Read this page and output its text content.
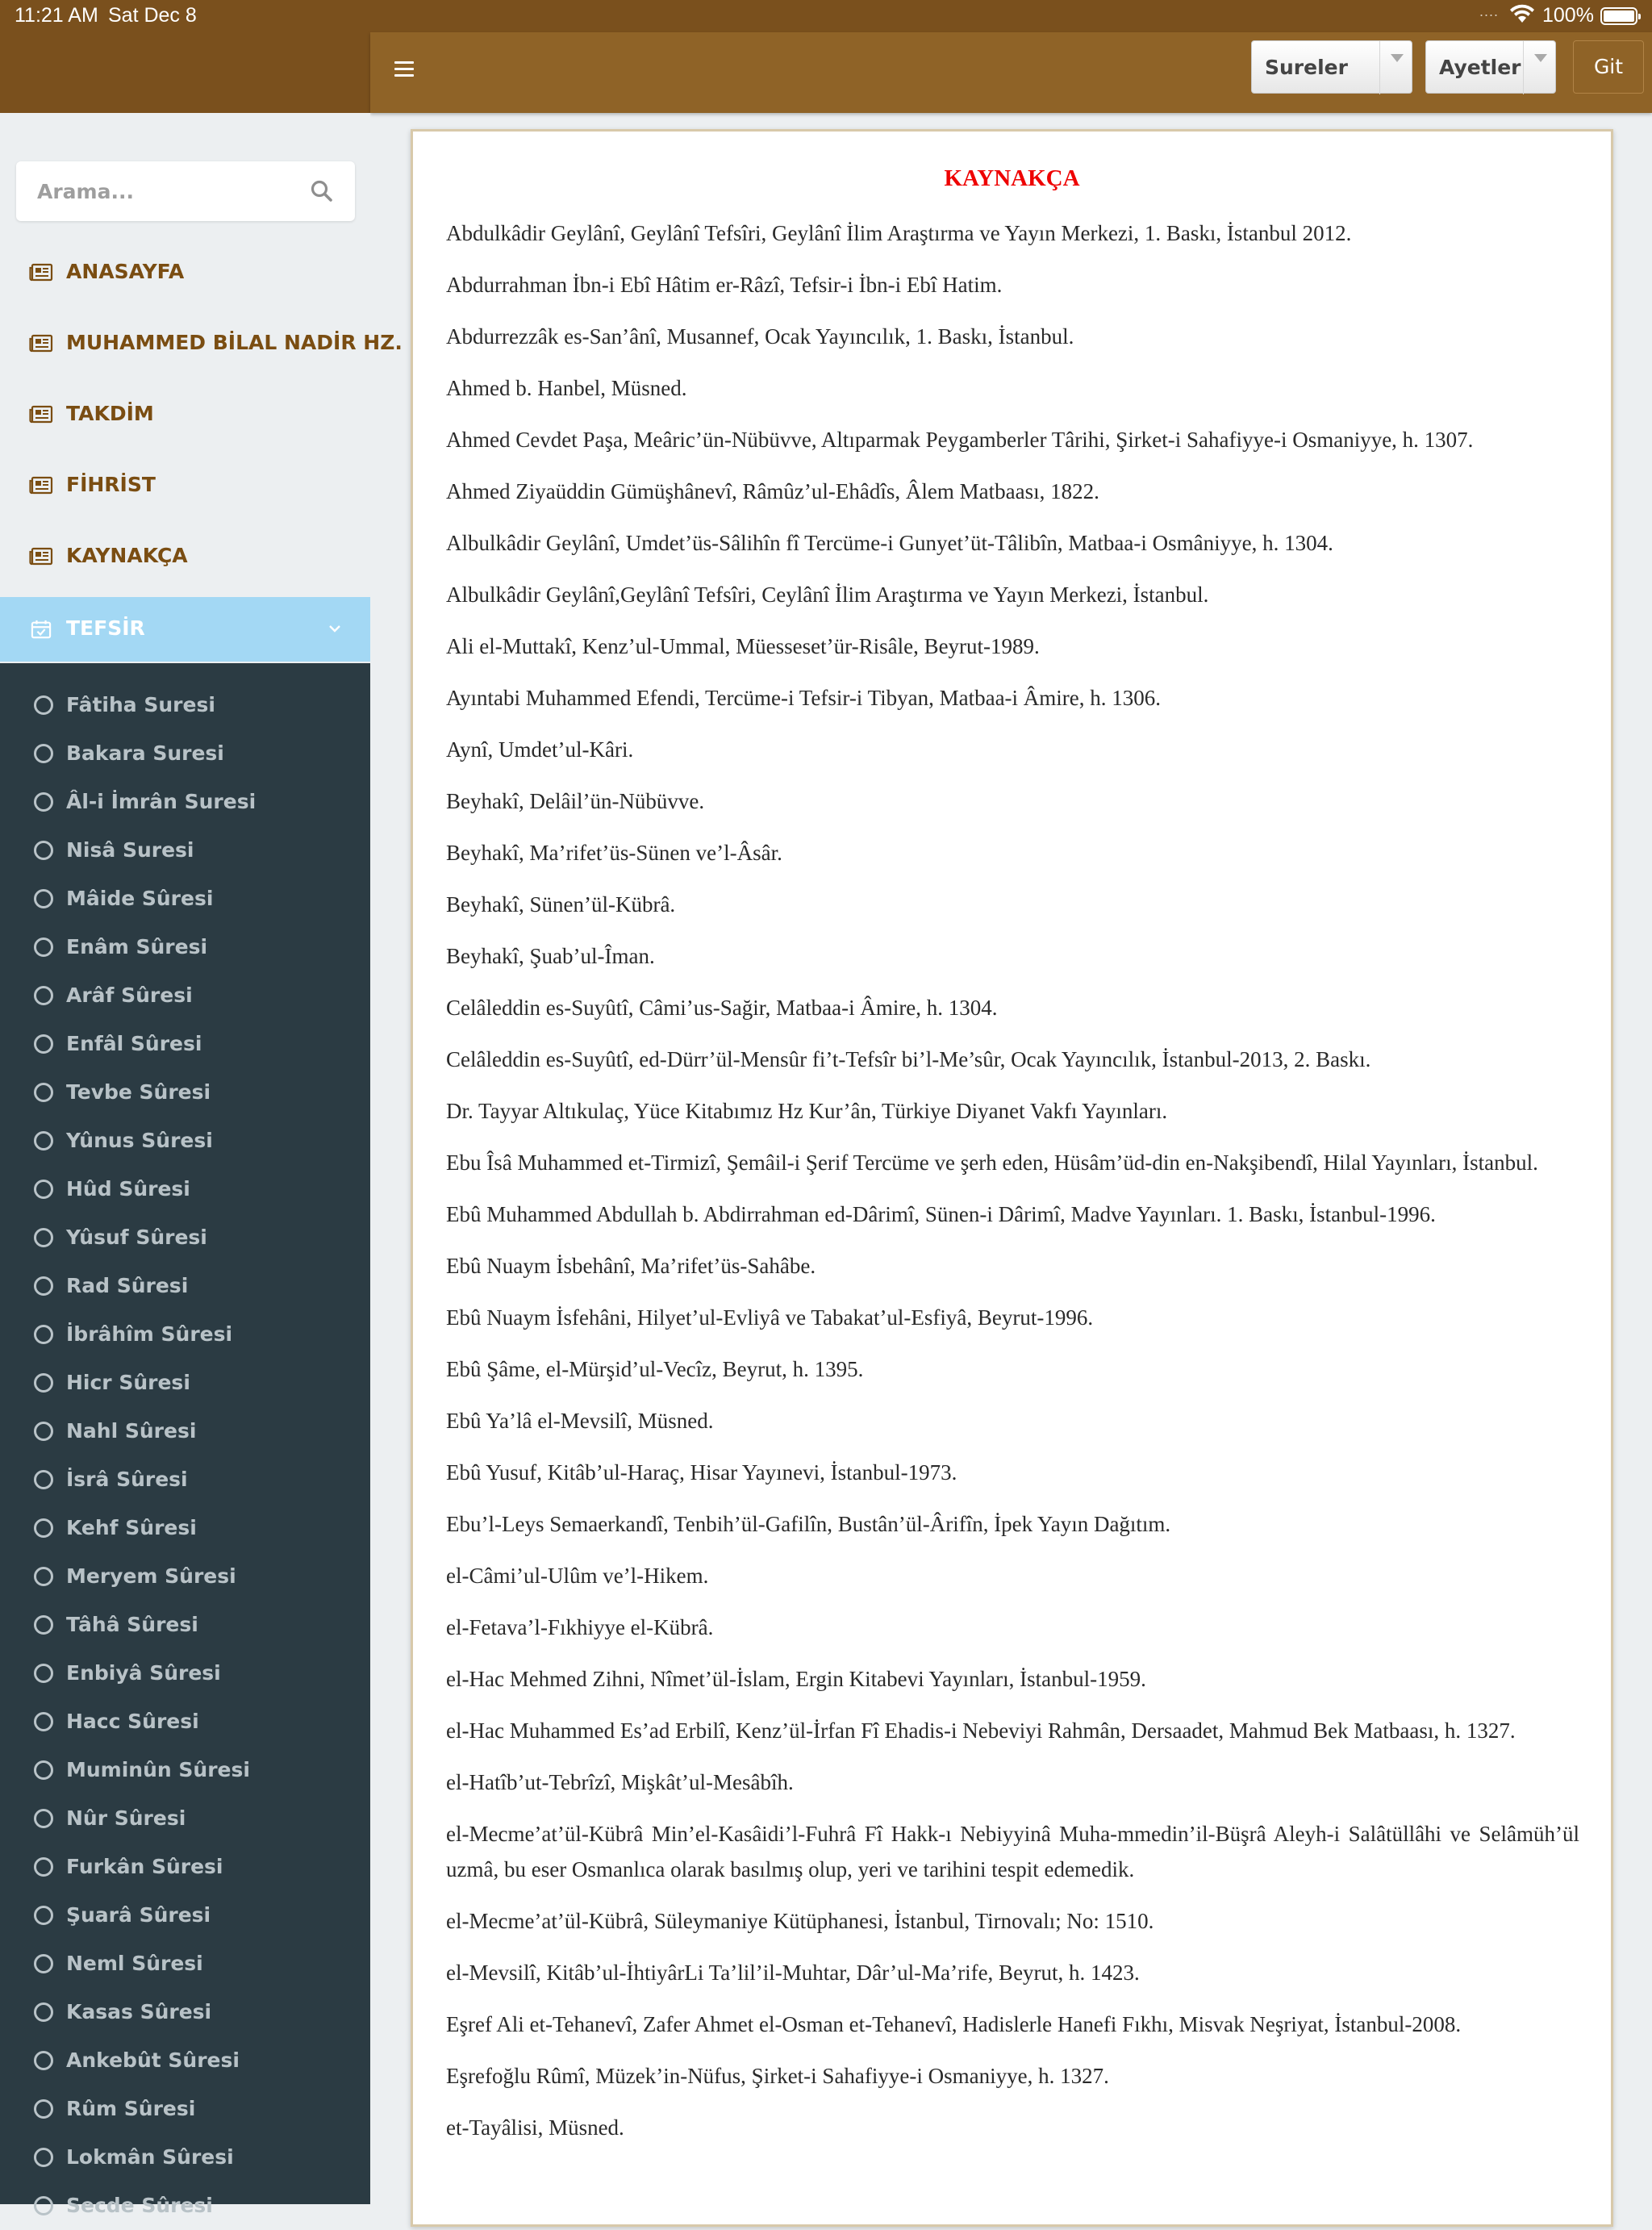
11:21 AM Sat Dec 8	.... 100%
Sureler	Ayetler	Git
Arama...
ANASAYFA
MUHAMMED BİLAL NADİR HZ.
TAKDİM
FİHRİST
KAYNAKÇA
TEFSİR
Fâtiha Suresi
Bakara Suresi
Âl-i İmrân Suresi
Nisâ Suresi
Mâide Sûresi
Enâm Sûresi
Arâf Sûresi
Enfâl Sûresi
Tevbe Sûresi
Yûnus Sûresi
Hûd Sûresi
Yûsuf Sûresi
Rad Sûresi
İbrâhîm Sûresi
Hicr Sûresi
Nahl Sûresi
İsrâ Sûresi
Kehf Sûresi
Meryem Sûresi
Tâhâ Sûresi
Enbiyâ Sûresi
Hacc Sûresi
Muminûn Sûresi
Nûr Sûresi
Furkân Sûresi
Şuarâ Sûresi
Neml Sûresi
Kasas Sûresi
Ankebût Sûresi
Rûm Sûresi
Lokmân Sûresi
Secde Sûresi
KAYNAKÇA

Abdulkâdir Geylânî, Geylânî Tefsîri, Geylânî İlim Araştırma ve Yayın Merkezi, 1. Baskı, İstanbul 2012.

Abdurrahman İbn-i Ebî Hâtim er-Râzî, Tefsir-i İbn-i Ebî Hatim.

Abdurrezzâk es-San’ânî, Musannef, Ocak Yayıncılık, 1. Baskı, İstanbul.

Ahmed b. Hanbel, Müsned.

Ahmed Cevdet Paşa, Meâric’ün-Nübüvve, Altıparmak Peygamberler Târihi, Şirket-i Sahafiyye-i Osmaniyye, h. 1307.

Ahmed Ziyaüddin Gümüşhânevî, Râmûz’ul-Ehâdîs, Âlem Matbaası, 1822.

Albulkâdir Geylânî, Umdet’üs-Sâlihîn fî Tercüme-i Gunyet’üt-Tâlibîn, Matbaa-i Osmâniyye, h. 1304.

Albulkâdir Geylânî,Geylânî Tefsîri, Ceylânî İlim Araştırma ve Yayın Merkezi, İstanbul.

Ali el-Muttakî, Kenz’ul-Ummal, Müesseset’ür-Risâle, Beyrut-1989.

Ayıntabi Muhammed Efendi, Tercüme-i Tefsir-i Tibyan, Matbaa-i Âmire, h. 1306.

Aynî, Umdet’ul-Kâri.

Beyhakî, Delâil’ün-Nübüvve.

Beyhakî, Ma’rifet’üs-Sünen ve’l-Âsâr.

Beyhakî, Sünen’ül-Kübrâ.

Beyhakî, Şuab’ul-Îman.

Celâleddin es-Suyûtî, Câmi’us-Sağir, Matbaa-i Âmire, h. 1304.

Celâleddin es-Suyûtî, ed-Dürr’ül-Mensûr fi’t-Tefsîr bi’l-Me’sûr, Ocak Yayıncılık, İstanbul-2013, 2. Baskı.

Dr. Tayyar Altıkulaç, Yüce Kitabımız Hz Kur’ân, Türkiye Diyanet Vakfı Yayınları.

Ebu Îsâ Muhammed et-Tirmizî, Şemâil-i Şerif Tercüme ve şerh eden, Hüsâm’üd-din en-Nakşibendî, Hilal Yayınları, İstanbul.

Ebû Muhammed Abdullah b. Abdirrahman ed-Dârimî, Sünen-i Dârimî, Madve Yayınları. 1. Baskı, İstanbul-1996.

Ebû Nuaym İsbehânî, Ma’rifet’üs-Sahâbe.

Ebû Nuaym İsfehâni, Hilyet’ul-Evliyâ ve Tabakat’ul-Esfiyâ, Beyrut-1996.

Ebû Şâme, el-Mürşid’ul-Vecîz, Beyrut, h. 1395.

Ebû Ya’lâ el-Mevsilî, Müsned.

Ebû Yusuf, Kitâb’ul-Haraç, Hisar Yayınevi, İstanbul-1973.

Ebu’l-Leys Semaerkandî, Tenbih’ül-Gafilîn, Bustân’ül-Ârifîn, İpek Yayın Dağıtım.

el-Câmi’ul-Ulûm ve’l-Hikem.

el-Fetava’l-Fıkhiyye el-Kübrâ.

el-Hac Mehmed Zihni, Nîmet’ül-İslam, Ergin Kitabevi Yayınları, İstanbul-1959.

el-Hac Muhammed Es’ad Erbilî, Kenz’ül-İrfan Fî Ehadis-i Nebeviyi Rahmân, Dersaadet, Mahmud Bek Matbaası, h. 1327.

el-Hatîb’ut-Tebrîzî, Mişkât’ul-Mesâbîh.

el-Mecme’at’ül-Kübrâ Min’el-Kasâidi’l-Fuhrâ Fî Hakk-ı Nebiyyinâ Muha-mmedin’il-Büşrâ Aleyh-i Salâtüllâhi ve Selâmüh’ül uzmâ, bu eser Osmanlıca olarak basılmış olup, yeri ve tarihini tespit edemedik.

el-Mecme’at’ül-Kübrâ, Süleymaniye Kütüphanesi, İstanbul, Tirnovalı; No: 1510.

el-Mevsilî, Kitâb’ul-İhtiyârLi Ta’lil’il-Muhtar, Dâr’ul-Ma’rife, Beyrut, h. 1423.

Eşref Ali et-Tehanevî, Zafer Ahmet el-Osman et-Tehanevî, Hadislerle Hanefi Fıkhı, Misvak Neşriyat, İstanbul-2008.

Eşrefoğlu Rûmî, Müzek’in-Nüfus, Şirket-i Sahafiyye-i Osmaniyye, h. 1327.

et-Tayâlisi, Müsned.
